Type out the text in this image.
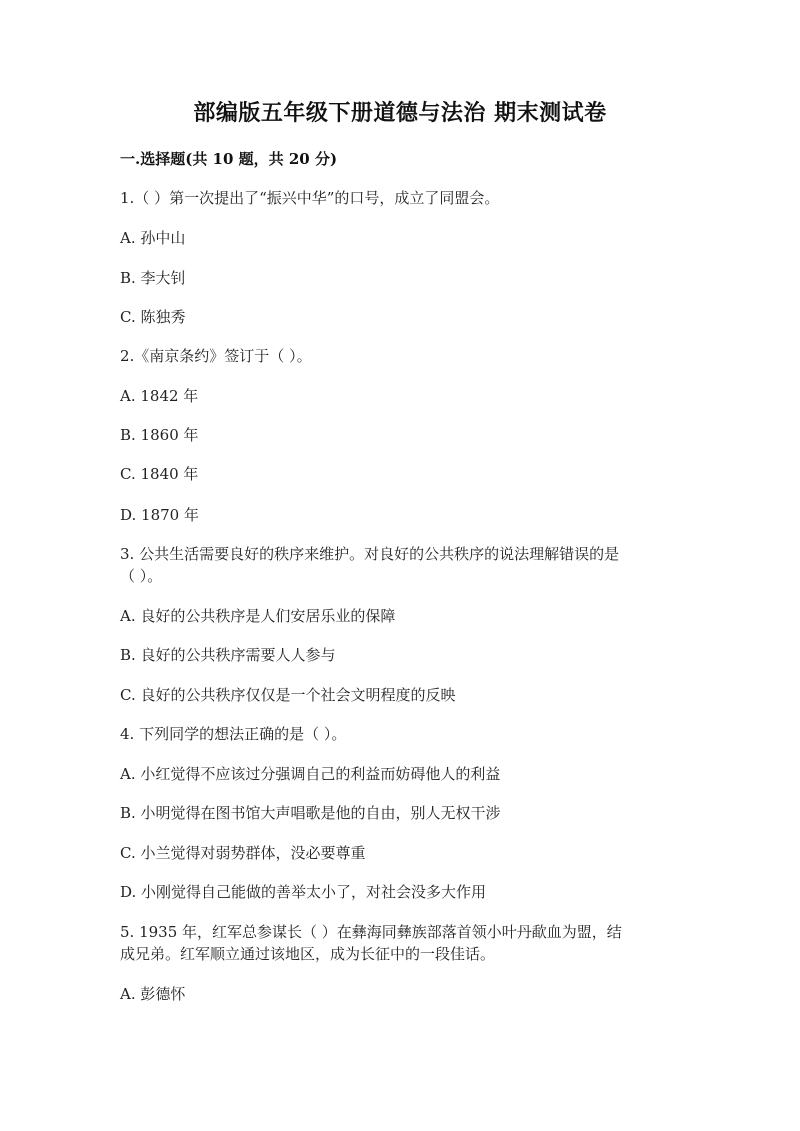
部编版五年级下册道德与法治 期末测试卷
一.选择题(共 10 题，共 20 分)
1.（ ）第一次提出了“振兴中华”的口号，成立了同盟会。
A. 孙中山
B. 李大钊
C. 陈独秀
2.《南京条约》签订于（ ）。
A. 1842 年
B. 1860 年
C. 1840 年
D. 1870 年
3. 公共生活需要良好的秩序来维护。对良好的公共秩序的说法理解错误的是
（ ）。
A. 良好的公共秩序是人们安居乐业的保障
B. 良好的公共秩序需要人人参与
C. 良好的公共秩序仅仅是一个社会文明程度的反映
4. 下列同学的想法正确的是（ ）。
A. 小红觉得不应该过分强调自己的利益而妨碍他人的利益
B. 小明觉得在图书馆大声唱歌是他的自由，别人无权干涉
C. 小兰觉得对弱势群体，没必要尊重
D. 小刚觉得自己能做的善举太小了，对社会没多大作用
5. 1935 年，红军总参谋长（ ）在彝海同彝族部落首领小叶丹歃血为盟，结
成兄弟。红军顺立通过该地区，成为长征中的一段佳话。
A. 彭德怀
